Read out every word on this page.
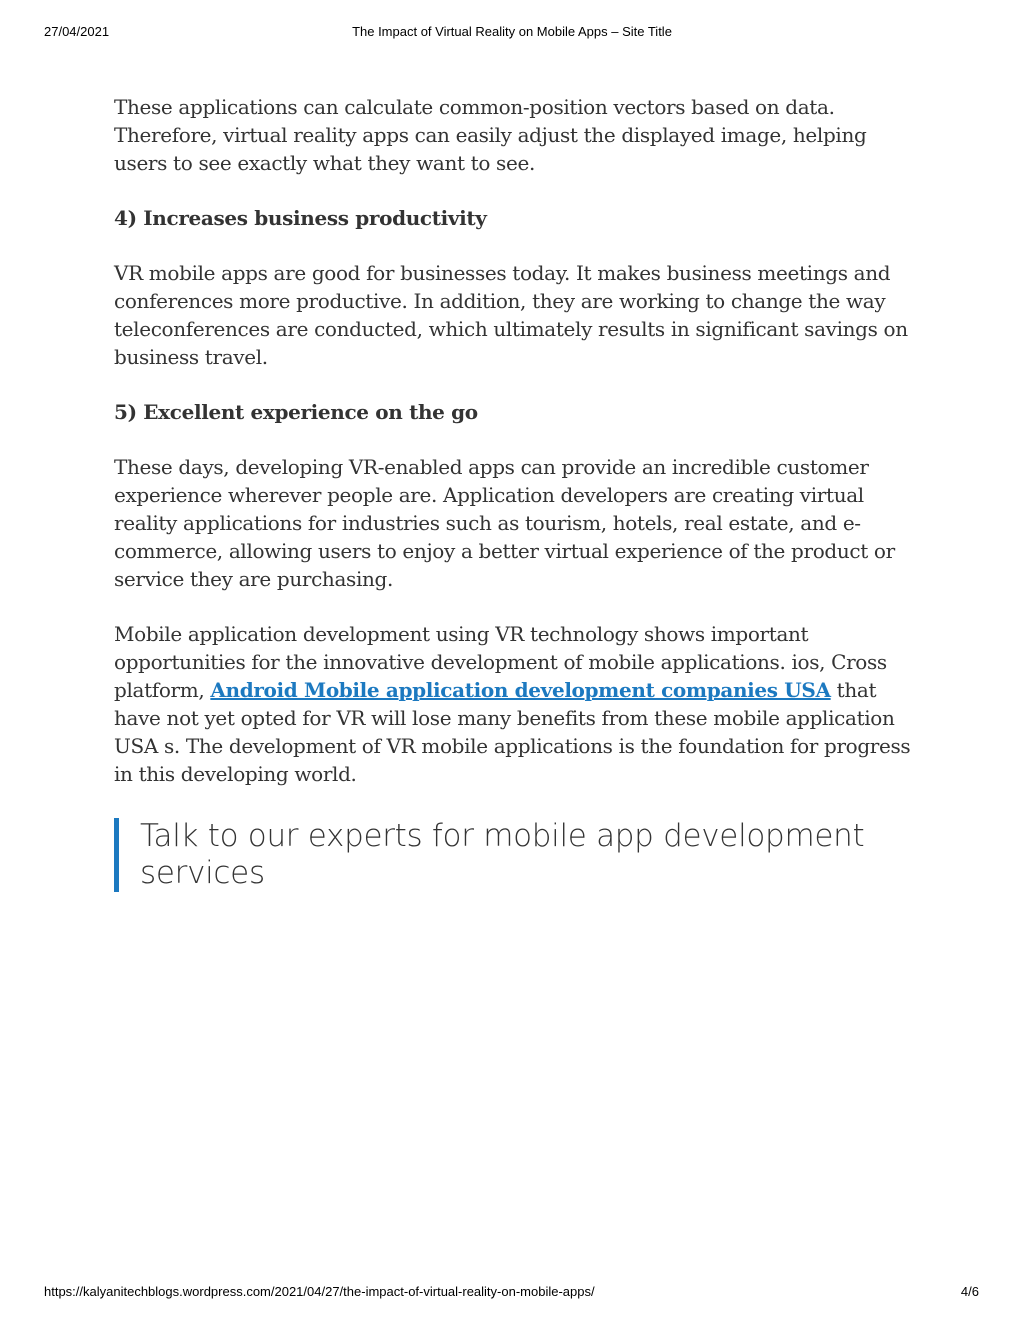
27/04/2021	The Impact of Virtual Reality on Mobile Apps – Site Title

These applications can calculate common-position vectors based on data. Therefore, virtual reality apps can easily adjust the displayed image, helping users to see exactly what they want to see.

4) Increases business productivity

VR mobile apps are good for businesses today. It makes business meetings and conferences more productive. In addition, they are working to change the way teleconferences are conducted, which ultimately results in significant savings on business travel.

5) Excellent experience on the go

These days, developing VR-enabled apps can provide an incredible customer experience wherever people are. Application developers are creating virtual reality applications for industries such as tourism, hotels, real estate, and e-commerce, allowing users to enjoy a better virtual experience of the product or service they are purchasing.

Mobile application development using VR technology shows important opportunities for the innovative development of mobile applications. ios, Cross platform, Android Mobile application development companies USA that have not yet opted for VR will lose many benefits from these mobile application USA s. The development of VR mobile applications is the foundation for progress in this developing world.

Talk to our experts for mobile app development services
https://kalyanitechblogs.wordpress.com/2021/04/27/the-impact-of-virtual-reality-on-mobile-apps/	4/6
